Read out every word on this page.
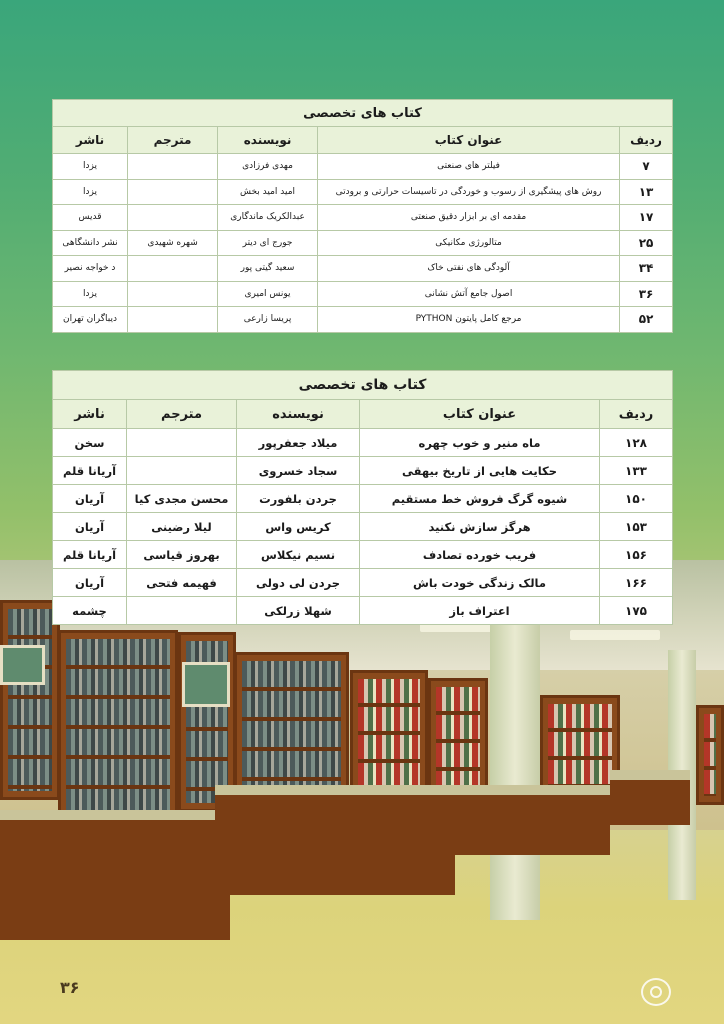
کتاب های تخصصی				
ردیف	عنوان کتاب	نویسنده	مترجم	ناشر
۷	فیلتر های صنعتی	مهدی فرزادی		یزدا
۱۳	روش های پیشگیری از رسوب و خوردگی در تاسیسات حرارتی و برودتی	امید امید بخش		یزدا
۱۷	مقدمه ای بر ابزار دقیق صنعتی	عبدالکریک ماندگاری		قدیس
۲۵	متالورژی مکانیکی	جورج ای دیتر	شهره شهیدی	نشر دانشگاهی
۳۴	آلودگی های نفتی خاک	سعید گیتی پور		د خواجه نصیر
۳۶	اصول جامع آتش نشانی	یونس امیری		یزدا
۵۲	مرجع کامل پایتون PYTHON	پریسا زارعی		دیباگران تهران
کتاب های تخصصی				
ردیف	عنوان کتاب	نویسنده	مترجم	ناشر
۱۲۸	ماه منیر و خوب چهره	میلاد جعفرپور		سخن
۱۳۳	حکایت هایی از تاریخ بیهقی	سجاد خسروی		آریانا قلم
۱۵۰	شیوه گرگ فروش خط مستقیم	جردن بلفورت	محسن مجدی کیا	آریان
۱۵۳	هرگز سازش نکنید	کریس واس	لیلا رضینی	آریان
۱۵۶	فریب خورده تصادف	نسیم نیکلاس	بهروز قیاسی	آریانا قلم
۱۶۶	مالک زندگی خودت باش	جردن لی دولی	فهیمه فتحی	آریان
۱۷۵	اعتراف باز	شهلا زرلکی		چشمه
۳۶
